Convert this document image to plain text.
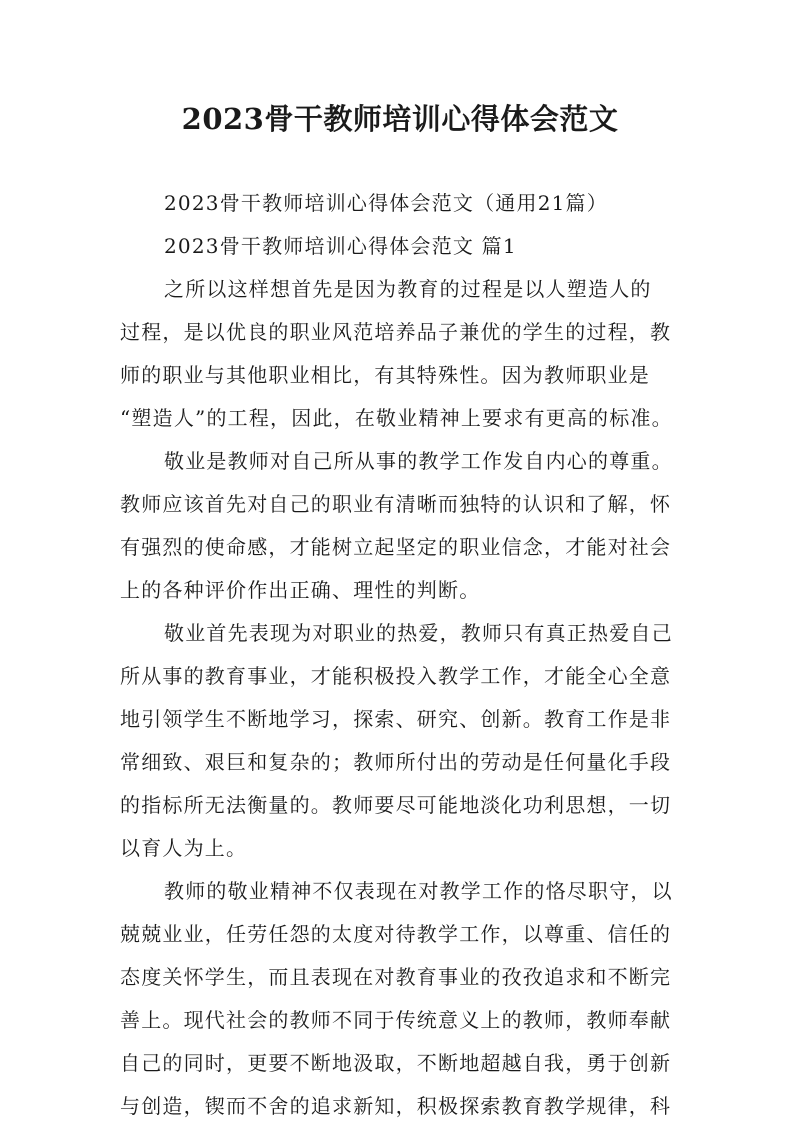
2023骨干教师培训心得体会范文
2023骨干教师培训心得体会范文（通用21篇）
2023骨干教师培训心得体会范文 篇1
之所以这样想首先是因为教育的过程是以人塑造人的
过程，是以优良的职业风范培养品子兼优的学生的过程，教
师的职业与其他职业相比，有其特殊性。因为教师职业是
“塑造人”的工程，因此，在敬业精神上要求有更高的标准。
敬业是教师对自己所从事的教学工作发自内心的尊重。
教师应该首先对自己的职业有清晰而独特的认识和了解，怀
有强烈的使命感，才能树立起坚定的职业信念，才能对社会
上的各种评价作出正确、理性的判断。
敬业首先表现为对职业的热爱，教师只有真正热爱自己
所从事的教育事业，才能积极投入教学工作，才能全心全意
地引领学生不断地学习，探索、研究、创新。教育工作是非
常细致、艰巨和复杂的；教师所付出的劳动是任何量化手段
的指标所无法衡量的。教师要尽可能地淡化功利思想，一切
以育人为上。
教师的敬业精神不仅表现在对教学工作的恪尽职守，以
兢兢业业，任劳任怨的太度对待教学工作，以尊重、信任的
态度关怀学生，而且表现在对教育事业的孜孜追求和不断完
善上。现代社会的教师不同于传统意义上的教师，教师奉献
自己的同时，更要不断地汲取，不断地超越自我，勇于创新
与创造，锲而不舍的追求新知，积极探索教育教学规律，科
